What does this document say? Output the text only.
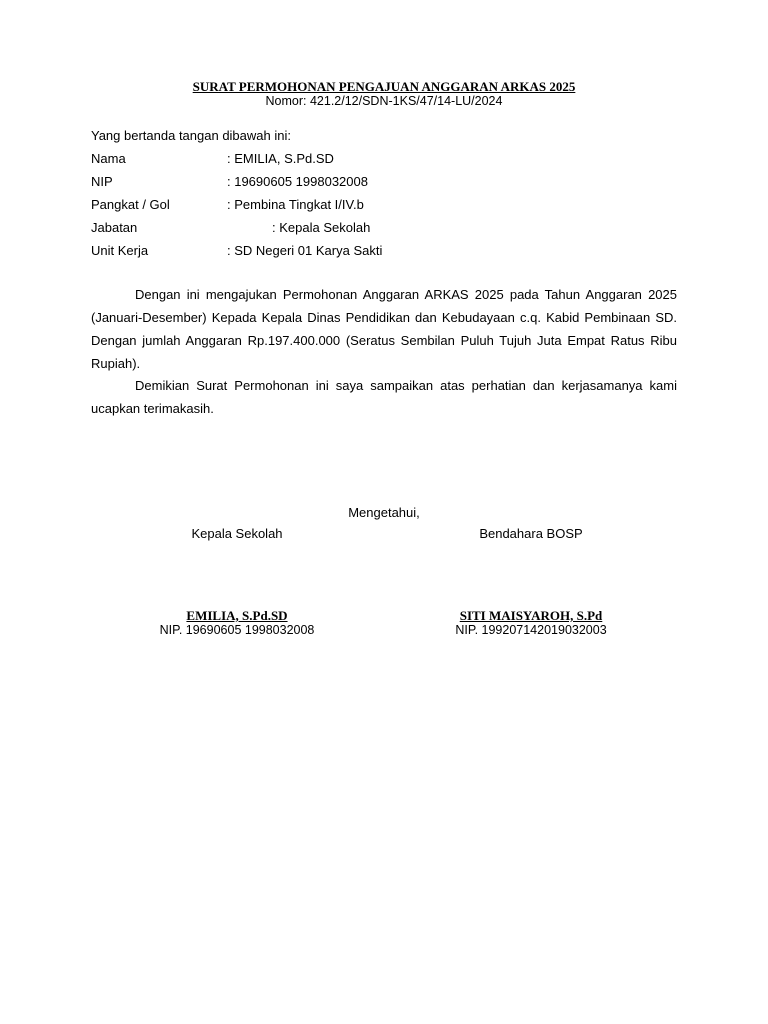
SURAT PERMOHONAN PENGAJUAN ANGGARAN ARKAS 2025
Nomor: 421.2/12/SDN-1KS/47/14-LU/2024
Yang bertanda tangan dibawah ini:
Nama	: EMILIA, S.Pd.SD
NIP	: 19690605 1998032008
Pangkat / Gol	: Pembina Tingkat I/IV.b
Jabatan	: Kepala Sekolah
Unit Kerja	: SD Negeri 01 Karya Sakti

Dengan ini mengajukan Permohonan Anggaran ARKAS 2025 pada Tahun Anggaran 2025 (Januari-Desember) Kepada Kepala Dinas Pendidikan dan Kebudayaan c.q. Kabid Pembinaan SD. Dengan jumlah Anggaran Rp.197.400.000 (Seratus Sembilan Puluh Tujuh Juta Empat Ratus Ribu Rupiah).

Demikian Surat Permohonan ini saya sampaikan atas perhatian dan kerjasamanya kami ucapkan terimakasih.

Mengetahui,
Kepala Sekolah
EMILIA, S.Pd.SD
NIP. 19690605 1998032008
Bendahara BOSP
SITI MAISYAROH, S.Pd
NIP. 199207142019032003
